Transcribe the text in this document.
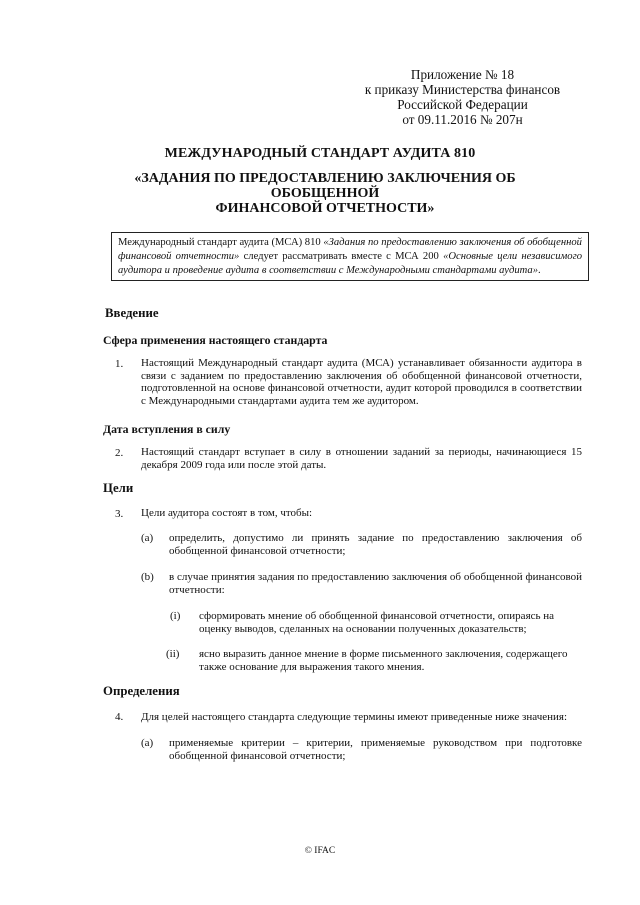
Приложение № 18
к приказу Министерства финансов
Российской Федерации
от 09.11.2016 № 207н
МЕЖДУНАРОДНЫЙ СТАНДАРТ АУДИТА 810
«ЗАДАНИЯ ПО ПРЕДОСТАВЛЕНИЮ ЗАКЛЮЧЕНИЯ ОБ ОБОБЩЕННОЙ
ФИНАНСОВОЙ ОТЧЕТНОСТИ»
Международный стандарт аудита (МСА) 810 «Задания по предоставлению заключения об обобщенной финансовой отчетности» следует рассматривать вместе с МСА 200 «Основные цели независимого аудитора и проведение аудита в соответствии с Международными стандартами аудита».
Введение
Сфера применения настоящего стандарта
1. Настоящий Международный стандарт аудита (МСА) устанавливает обязанности аудитора в связи с заданием по предоставлению заключения об обобщенной финансовой отчетности, подготовленной на основе финансовой отчетности, аудит которой проводился в соответствии с Международными стандартами аудита тем же аудитором.
Дата вступления в силу
2. Настоящий стандарт вступает в силу в отношении заданий за периоды, начинающиеся 15 декабря 2009 года или после этой даты.
Цели
3. Цели аудитора состоят в том, чтобы:
(a) определить, допустимо ли принять задание по предоставлению заключения об обобщенной финансовой отчетности;
(b) в случае принятия задания по предоставлению заключения об обобщенной финансовой отчетности:
(i) сформировать мнение об обобщенной финансовой отчетности, опираясь на оценку выводов, сделанных на основании полученных доказательств;
(ii) ясно выразить данное мнение в форме письменного заключения, содержащего также основание для выражения такого мнения.
Определения
4. Для целей настоящего стандарта следующие термины имеют приведенные ниже значения:
(a) применяемые критерии – критерии, применяемые руководством при подготовке обобщенной финансовой отчетности;
© IFAC
